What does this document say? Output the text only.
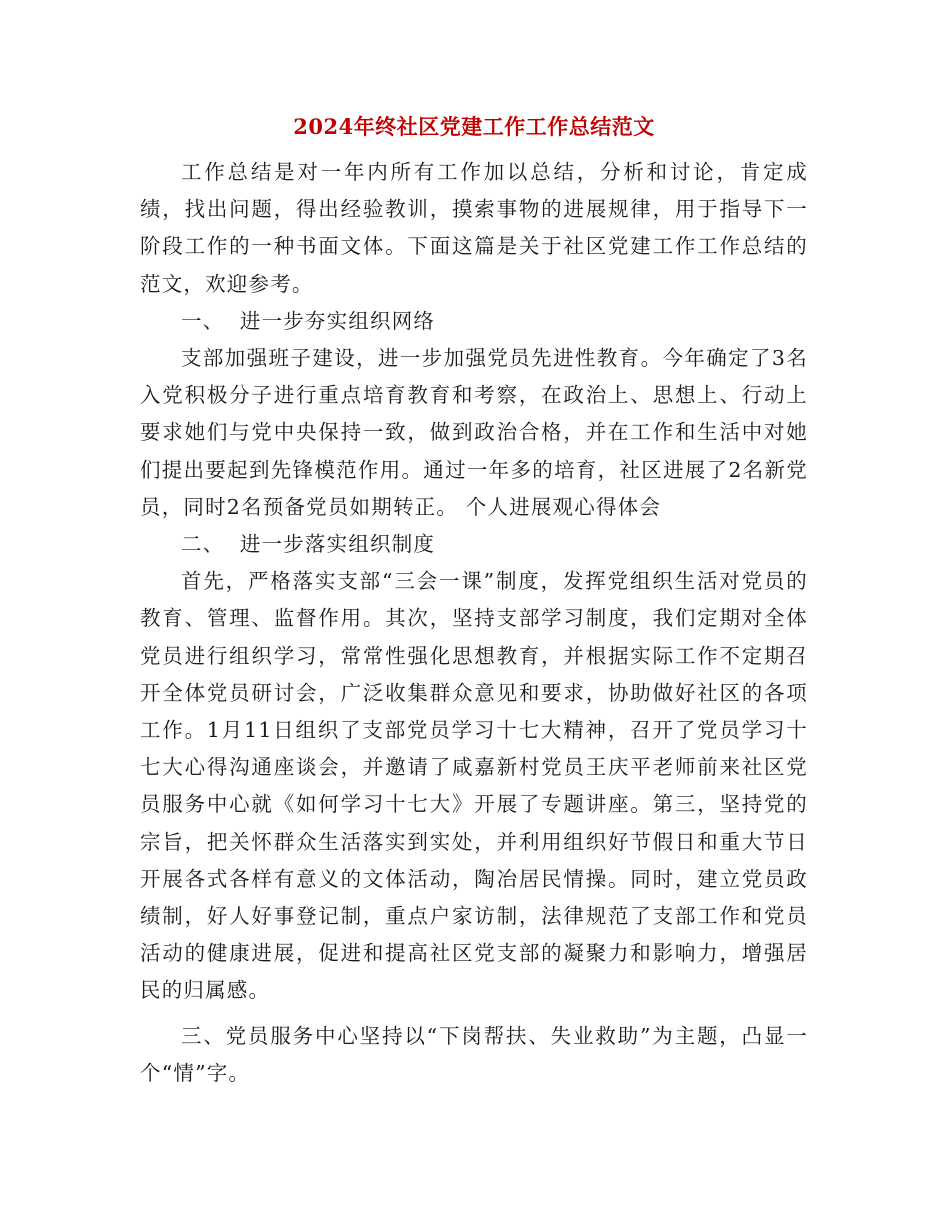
2024年终社区党建工作工作总结范文

工作总结是对一年内所有工作加以总结，分析和讨论，肯定成绩，找出问题，得出经验教训，摸索事物的进展规律，用于指导下一阶段工作的一种书面文体。下面这篇是关于社区党建工作工作总结的范文，欢迎参考。

一、  进一步夯实组织网络

支部加强班子建设，进一步加强党员先进性教育。今年确定了3名入党积极分子进行重点培育教育和考察，在政治上、思想上、行动上要求她们与党中央保持一致，做到政治合格，并在工作和生活中对她们提出要起到先锋模范作用。通过一年多的培育，社区进展了2名新党员，同时2名预备党员如期转正。 个人进展观心得体会

二、  进一步落实组织制度

首先，严格落实支部“三会一课”制度，发挥党组织生活对党员的教育、管理、监督作用。其次，坚持支部学习制度，我们定期对全体党员进行组织学习，常常性强化思想教育，并根据实际工作不定期召开全体党员研讨会，广泛收集群众意见和要求，协助做好社区的各项工作。1月11日组织了支部党员学习十七大精神，召开了党员学习十七大心得沟通座谈会，并邀请了咸嘉新村党员王庆平老师前来社区党员服务中心就《如何学习十七大》开展了专题讲座。第三，坚持党的宗旨，把关怀群众生活落实到实处，并利用组织好节假日和重大节日开展各式各样有意义的文体活动，陶冶居民情操。同时，建立党员政绩制，好人好事登记制，重点户家访制，法律规范了支部工作和党员活动的健康进展，促进和提高社区党支部的凝聚力和影响力，增强居民的归属感。

三、党员服务中心坚持以“下岗帮扶、失业救助”为主题，凸显一个“情”字。
